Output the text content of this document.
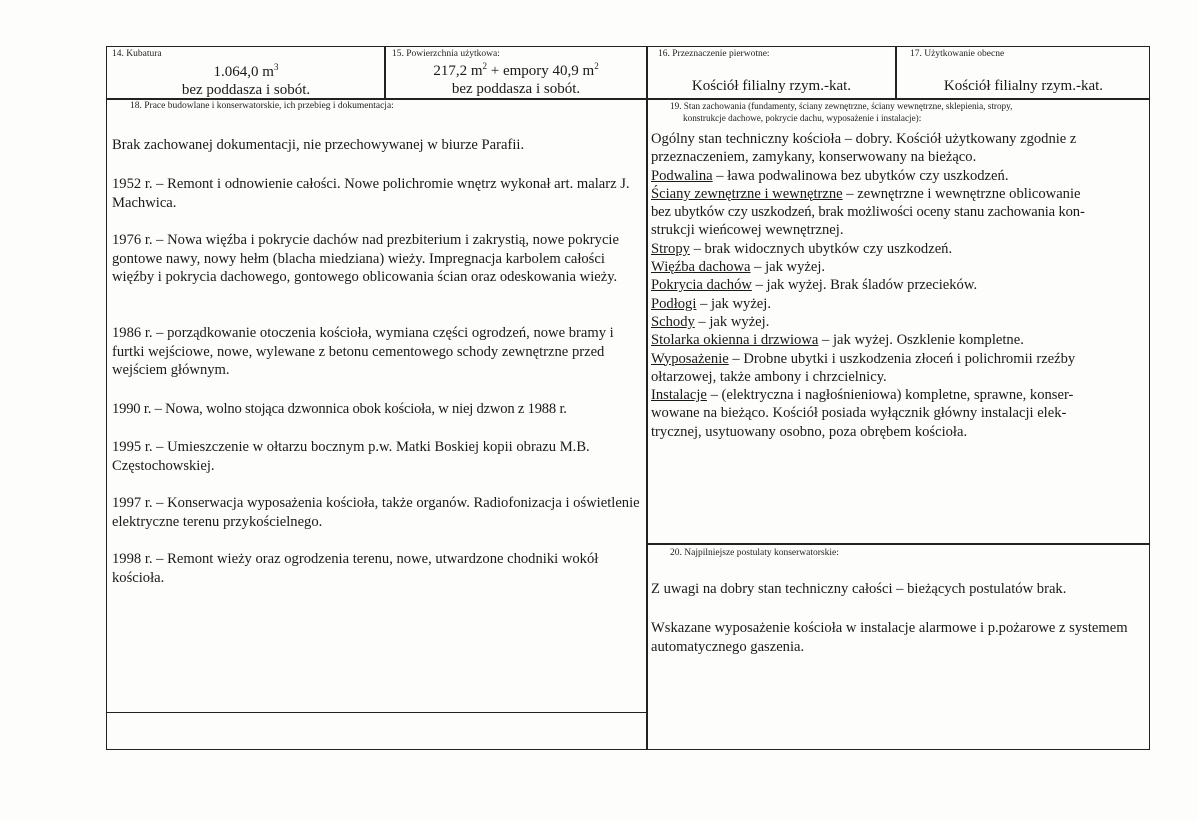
14. Kubatura
1.064,0 $m^3$
bez poddasza i sobót.
15. Powierzchnia użytkowa:
217,2 $m^2$ + empory 40,9 $m^2$
bez poddasza i sobót.
16. Przeznaczenie pierwotne:
Kościół filialny rzym.-kat.
17. Użytkowanie obecne
Kościół filialny rzym.-kat.
18. Prace budowlane i konserwatorskie, ich przebieg i dokumentacja:
Brak zachowanej dokumentacji, nie przechowywanej w biurze Parafii.
1952 r. – Remont i odnowienie całości. Nowe polichromie wnętrz wykonał art. malarz J. Machwica.
1976 r. – Nowa więźba i pokrycie dachów nad prezbiterium i zakrystią, nowe pokrycie gontowe nawy, nowy hełm (blacha miedziana) wieży. Impregnacja karbolem całości więźby i pokrycia dachowego, gontowego oblicowania ścian oraz odeskowania wieży.
1986 r. – porządkowanie otoczenia kościoła, wymiana części ogrodzeń, nowe bramy i furtki wejściowe, nowe, wylewane z betonu cementowego schody zewnętrzne przed wejściem głównym.
1990 r. – Nowa, wolno stojąca dzwonnica obok kościoła, w niej dzwon z 1988 r.
1995 r. – Umieszczenie w ołtarzu bocznym p.w. Matki Boskiej kopii obrazu M.B. Częstochowskiej.
1997 r. – Konserwacja wyposażenia kościoła, także organów. Radiofonizacja i oświetlenie elektryczne terenu przykościelnego.
1998 r. – Remont wieży oraz ogrodzenia terenu, nowe, utwardzone chodniki wokół kościoła.
19. Stan zachowania (fundamenty, ściany zewnętrzne, ściany wewnętrzne, sklepienia, stropy,
konstrukcje dachowe, pokrycie dachu, wyposażenie i instalacje):
Ogólny stan techniczny kościoła – dobry. Kościół użytkowany zgodnie z
przeznaczeniem, zamykany, konserwowany na bieżąco.
Podwalina – ława podwalinowa bez ubytków czy uszkodzeń.
Ściany zewnętrzne i wewnętrzne – zewnętrzne i wewnętrzne oblicowanie
bez ubytków czy uszkodzeń, brak możliwości oceny stanu zachowania kon-
strukcji wieńcowej wewnętrznej.
Stropy – brak widocznych ubytków czy uszkodzeń.
Więźba dachowa – jak wyżej.
Pokrycia dachów – jak wyżej. Brak śladów przecieków.
Podłogi – jak wyżej.
Schody – jak wyżej.
Stolarka okienna i drzwiowa – jak wyżej. Oszklenie kompletne.
Wyposażenie – Drobne ubytki i uszkodzenia złoceń i polichromii rzeźby
ołtarzowej, także ambony i chrzcielnicy.
Instalacje – (elektryczna i nagłośnieniowa) kompletne, sprawne, konser-
wowane na bieżąco. Kościół posiada wyłącznik główny instalacji elek-
trycznej, usytuowany osobno, poza obrębem kościoła.
20. Najpilniejsze postulaty konserwatorskie:
Z uwagi na dobry stan techniczny całości – bieżących postulatów brak.
Wskazane wyposażenie kościoła w instalacje alarmowe i p.pożarowe z systemem automatycznego gaszenia.
